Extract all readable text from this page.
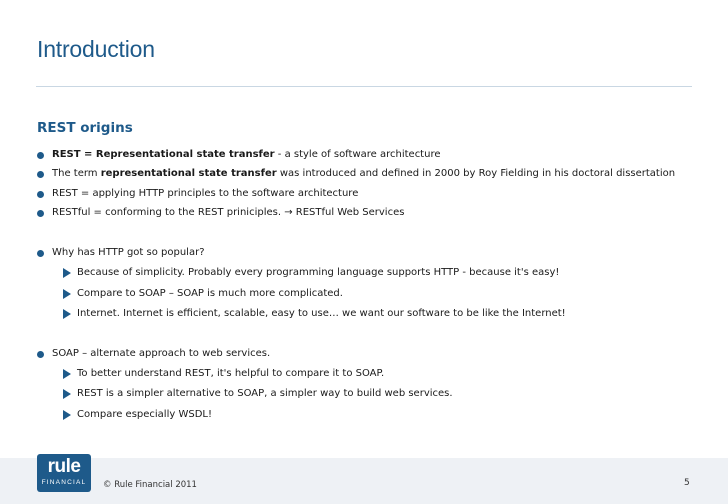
Introduction
REST origins
REST = Representational state transfer - a style of software architecture
The term representational state transfer was introduced and defined in 2000 by Roy Fielding in his doctoral dissertation
REST = applying HTTP principles to the software architecture
RESTful = conforming to the REST priniciples. → RESTful Web Services
Why has HTTP got so popular?
Because of simplicity. Probably every programming language supports HTTP - because it's easy!
Compare to SOAP – SOAP is much more complicated.
Internet. Internet is efficient, scalable, easy to use… we want our software to be like the Internet!
SOAP – alternate approach to web services.
To better understand REST, it's helpful to compare it to SOAP.
REST is a simpler alternative to SOAP, a simpler way to build web services.
Compare especially WSDL!
rule
FINANCIAL	© Rule Financial 2011	5
